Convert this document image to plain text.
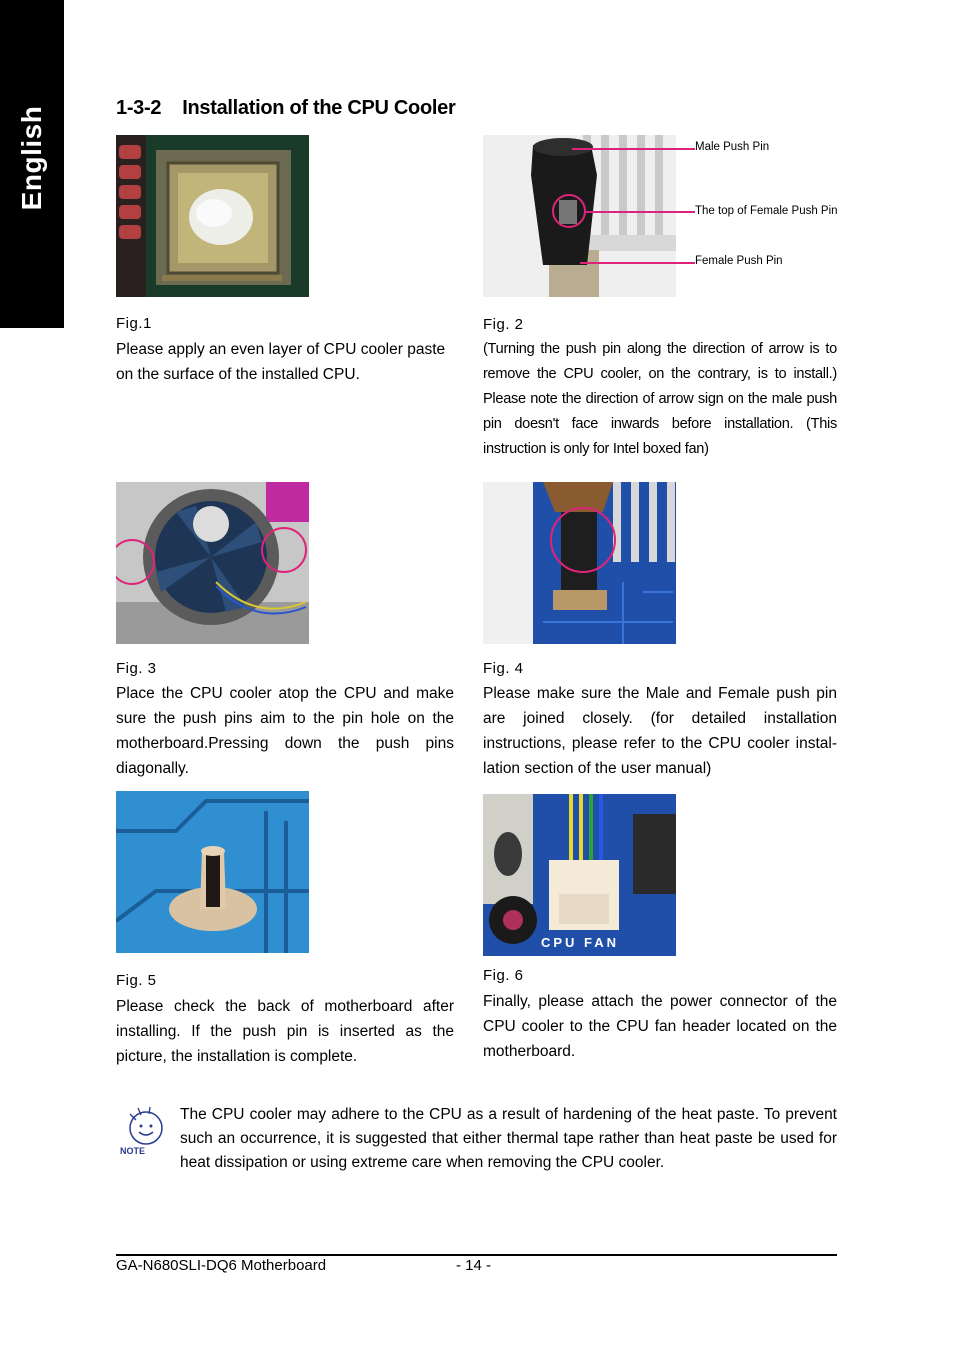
English	1-3-2    Installation of the CPU Cooler
Fig.1
Please apply an even layer of CPU cooler paste on the surface of the installed CPU.
Male Push Pin
The top of Female Push Pin
Female Push Pin
Fig. 2
(Turning the push pin along the direction of arrow is to remove the CPU cooler, on the contrary, is to install.) Please note the direction of arrow sign on the male push pin doesn't face inwards before installation. (This instruction is only for Intel boxed fan)
Fig. 3
Place the CPU cooler atop the CPU and make sure the push pins aim to the pin hole on the motherboard.Pressing down the push pins diagonally.
Fig. 4
Please make sure the Male and Female push pin are joined closely. (for detailed installation instructions, please refer to the CPU cooler instal-lation section of the user manual)
Fig. 5
Please check the back of motherboard after installing. If the push pin is inserted as the picture, the installation is complete.
CPU FAN
Fig. 6
Finally, please attach the power connector of the CPU cooler to the CPU fan header located on the motherboard.
NOTE
The CPU cooler may adhere to the CPU as a result of hardening of the heat paste. To prevent such an occurrence, it is suggested that either thermal tape rather than heat paste be used for heat dissipation or using extreme care when removing the CPU cooler.
GA-N680SLI-DQ6 Motherboard	- 14 -
